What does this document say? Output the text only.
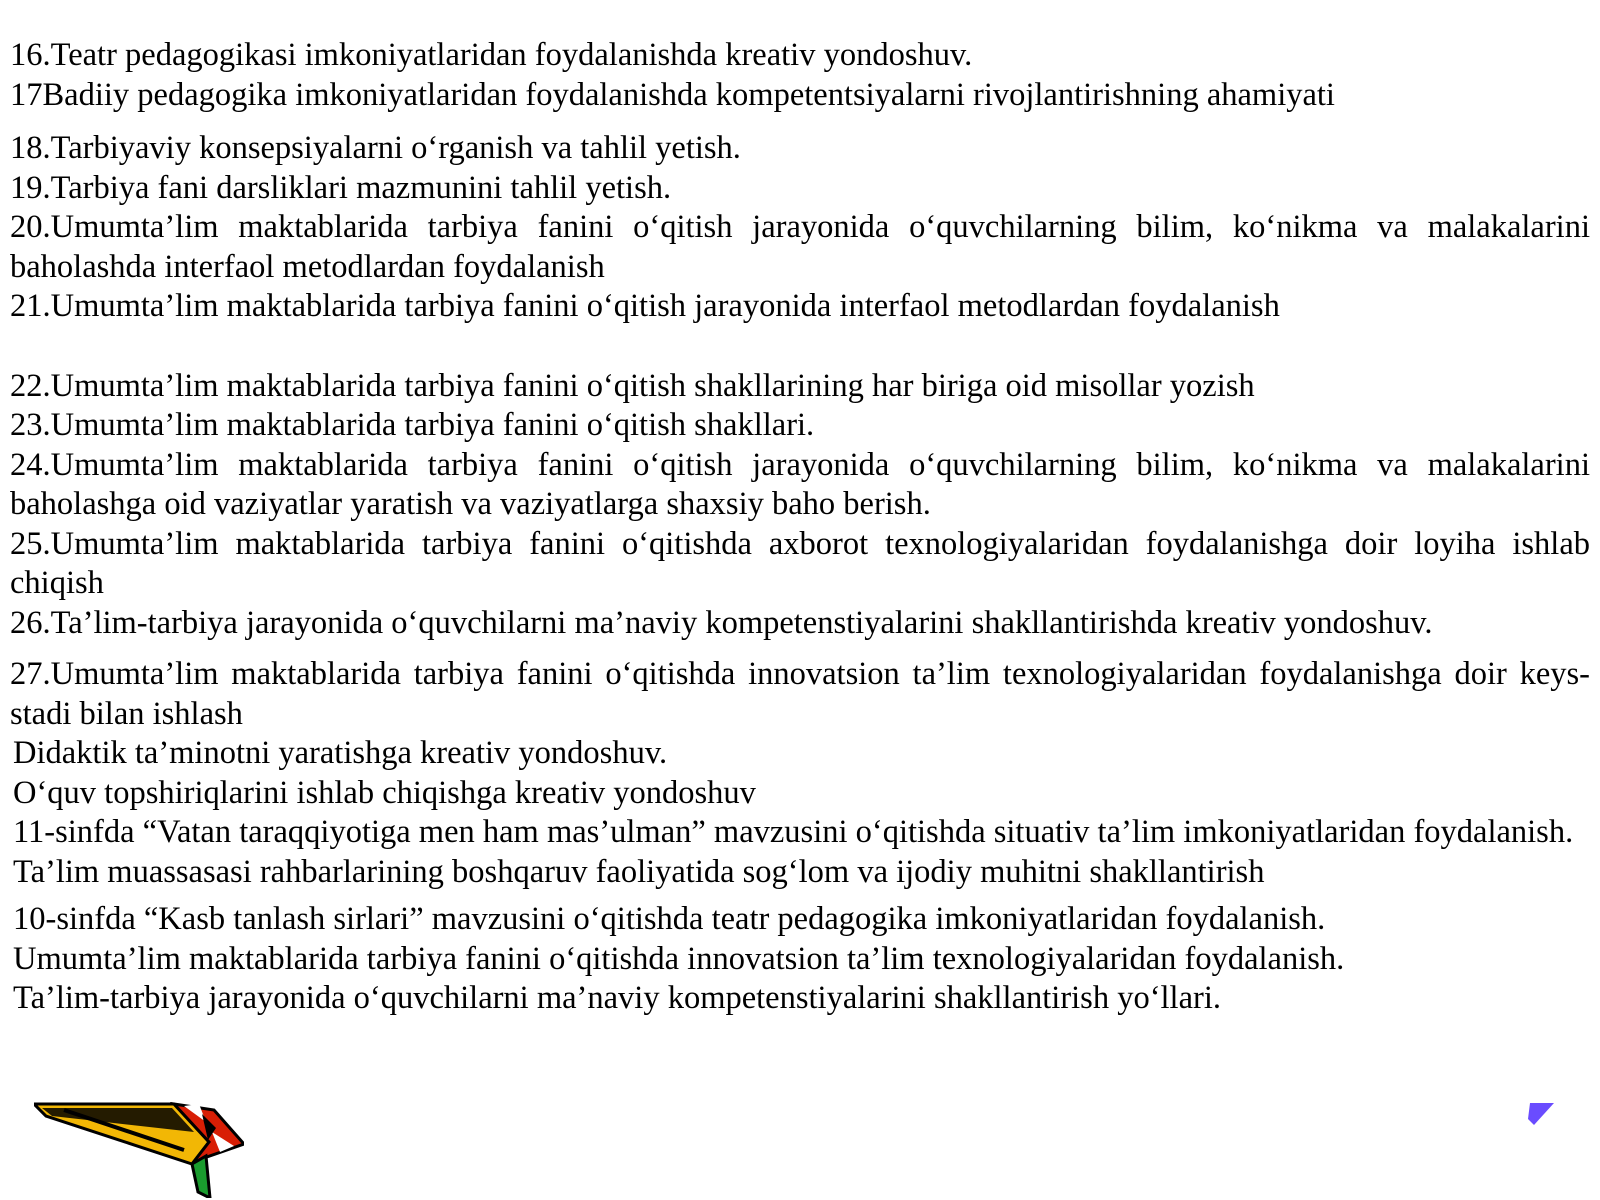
16.Teatr pedagogikasi imkoniyatlaridan foydalanishda kreativ yondoshuv.
17Badiiy pedagogika imkoniyatlaridan foydalanishda kompetentsiyalarni rivojlantirishning ahamiyati
18.Tarbiyaviy konsepsiyalarni o‘rganish va tahlil yetish.
19.Tarbiya fani darsliklari mazmunini tahlil yetish.
20.Umumta’lim maktablarida tarbiya fanini o‘qitish jarayonida o‘quvchilarning bilim, ko‘nikma va malakalarini baholashda interfaol metodlardan foydalanish
21.Umumta’lim maktablarida tarbiya fanini o‘qitish jarayonida interfaol metodlardan foydalanish
22.Umumta’lim maktablarida tarbiya fanini o‘qitish shakllarining har biriga oid misollar yozish
23.Umumta’lim maktablarida tarbiya fanini o‘qitish shakllari.
24.Umumta’lim maktablarida tarbiya fanini o‘qitish jarayonida o‘quvchilarning bilim, ko‘nikma va malakalarini baholashga oid vaziyatlar yaratish va vaziyatlarga shaxsiy baho berish.
25.Umumta’lim maktablarida tarbiya fanini o‘qitishda axborot texnologiyalaridan foydalanishga doir loyiha ishlab chiqish
26.Ta’lim-tarbiya jarayonida o‘quvchilarni ma’naviy kompetenstiyalarini shakllantirishda kreativ yondoshuv.
27.Umumta’lim maktablarida tarbiya fanini o‘qitishda innovatsion ta’lim texnologiyalaridan foydalanishga doir keys-stadi bilan ishlash
Didaktik ta’minotni yaratishga kreativ yondoshuv.
O‘quv topshiriqlarini ishlab chiqishga kreativ yondoshuv
11-sinfda “Vatan taraqqiyotiga men ham mas’ulman” mavzusini o‘qitishda situativ ta’lim imkoniyatlaridan foydalanish.
Ta’lim muassasasi rahbarlarining boshqaruv faoliyatida sog‘lom va ijodiy muhitni shakllantirish
10-sinfda “Kasb tanlash sirlari” mavzusini o‘qitishda teatr pedagogika imkoniyatlaridan foydalanish.
Umumta’lim maktablarida tarbiya fanini o‘qitishda innovatsion ta’lim texnologiyalaridan foydalanish.
Ta’lim-tarbiya jarayonida o‘quvchilarni ma’naviy kompetenstiyalarini shakllantirish yo‘llari.
